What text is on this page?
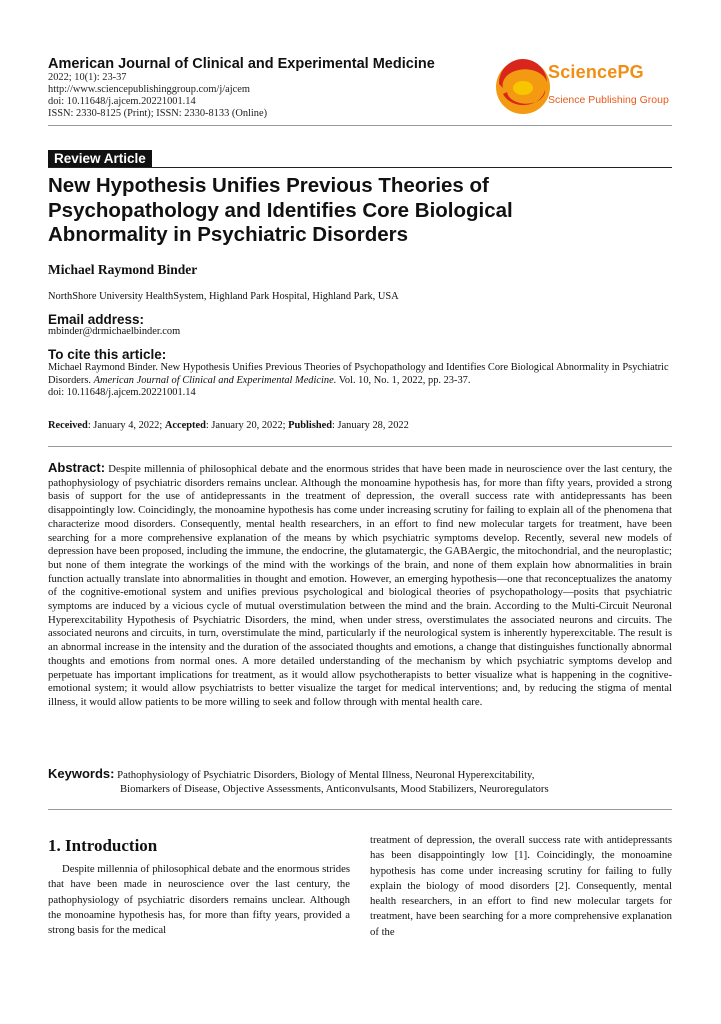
American Journal of Clinical and Experimental Medicine
2022; 10(1): 23-37
http://www.sciencepublishinggroup.com/j/ajcem
doi: 10.11648/j.ajcem.20221001.14
ISSN: 2330-8125 (Print); ISSN: 2330-8133 (Online)
SciencePG
Science Publishing Group
Review Article
New Hypothesis Unifies Previous Theories of Psychopathology and Identifies Core Biological Abnormality in Psychiatric Disorders
Michael Raymond Binder
NorthShore University HealthSystem, Highland Park Hospital, Highland Park, USA
Email address:
mbinder@drmichaelbinder.com
To cite this article:
Michael Raymond Binder. New Hypothesis Unifies Previous Theories of Psychopathology and Identifies Core Biological Abnormality in Psychiatric Disorders. American Journal of Clinical and Experimental Medicine. Vol. 10, No. 1, 2022, pp. 23-37.
doi: 10.11648/j.ajcem.20221001.14
Received: January 4, 2022; Accepted: January 20, 2022; Published: January 28, 2022
Abstract: Despite millennia of philosophical debate and the enormous strides that have been made in neuroscience over the last century, the pathophysiology of psychiatric disorders remains unclear. Although the monoamine hypothesis has, for more than fifty years, provided a strong basis of support for the use of antidepressants in the treatment of depression, the overall success rate with antidepressants has been disappointingly low. Coincidingly, the monoamine hypothesis has come under increasing scrutiny for failing to explain all of the phenomena that characterize mood disorders. Consequently, mental health researchers, in an effort to find new molecular targets for treatment, have been searching for a more comprehensive explanation of the means by which psychiatric symptoms develop. Recently, several new models of depression have been proposed, including the immune, the endocrine, the glutamatergic, the GABAergic, the mitochondrial, and the neuroplastic; but none of them integrate the workings of the mind with the workings of the brain, and none of them explain how abnormalities in brain function actually translate into abnormalities in thought and emotion. However, an emerging hypothesis—one that reconceptualizes the anatomy of the cognitive-emotional system and unifies previous psychological and biological theories of psychopathology—posits that psychiatric symptoms are induced by a vicious cycle of mutual overstimulation between the mind and the brain. According to the Multi-Circuit Neuronal Hyperexcitability Hypothesis of Psychiatric Disorders, the mind, when under stress, overstimulates the associated neurons and circuits. The associated neurons and circuits, in turn, overstimulate the mind, particularly if the neurological system is inherently hyperexcitable. The result is an abnormal increase in the intensity and the duration of the associated thoughts and emotions, a change that distinguishes functionally abnormal thoughts and emotions from normal ones. A more detailed understanding of the mechanism by which psychiatric symptoms develop and perpetuate has important implications for treatment, as it would allow psychotherapists to better visualize what is happening in the cognitive-emotional system; it would allow psychiatrists to better visualize the target for medical interventions; and, by reducing the stigma of mental illness, it would allow patients to be more willing to seek and follow through with mental health care.
Keywords: Pathophysiology of Psychiatric Disorders, Biology of Mental Illness, Neuronal Hyperexcitability,
Biomarkers of Disease, Objective Assessments, Anticonvulsants, Mood Stabilizers, Neuroregulators
1. Introduction
Despite millennia of philosophical debate and the enormous strides that have been made in neuroscience over the last century, the pathophysiology of psychiatric disorders remains unclear. Although the monoamine hypothesis has, for more than fifty years, provided a strong basis for the medical
treatment of depression, the overall success rate with antidepressants has been disappointingly low [1]. Coincidingly, the monoamine hypothesis has come under increasing scrutiny for failing to fully explain the biology of mood disorders [2]. Consequently, mental health researchers, in an effort to find new molecular targets for treatment, have been searching for a more comprehensive explanation of the
